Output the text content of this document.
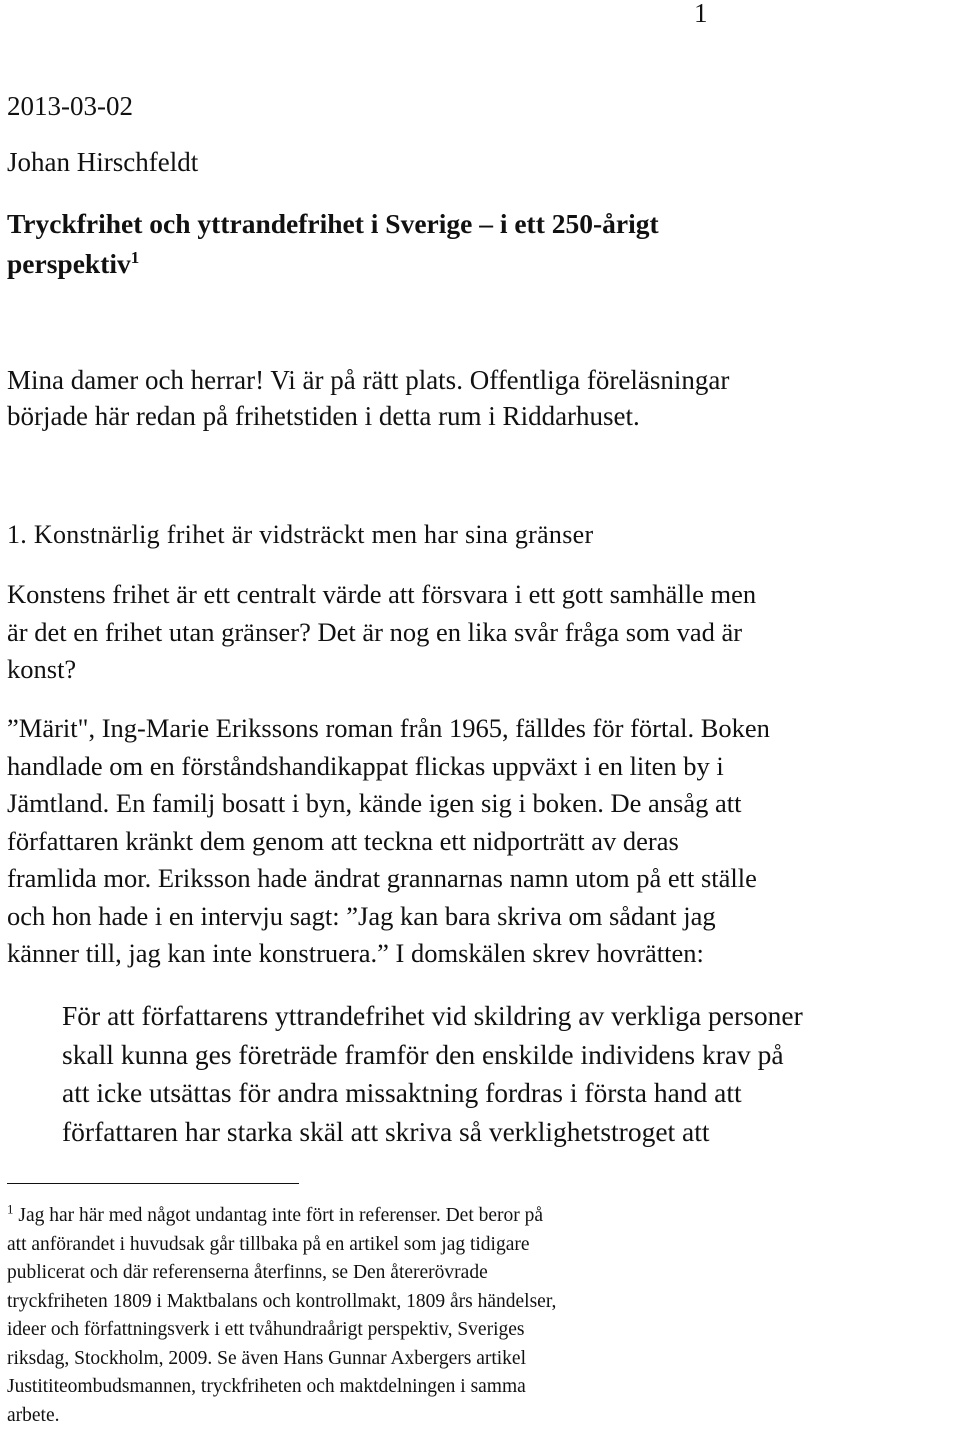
1
2013-03-02
Johan Hirschfeldt
Tryckfrihet och yttrandefrihet i Sverige – i ett 250-årigt
perspektiv$^1$
Mina damer och herrar! Vi är på rätt plats. Offentliga föreläsningar
började här redan på frihetstiden i detta rum i Riddarhuset.
1. Konstnärlig frihet är vidsträckt men har sina gränser
Konstens frihet är ett centralt värde att försvara i ett gott samhälle men
är det en frihet utan gränser? Det är nog en lika svår fråga som vad är
konst?
”Märit", Ing-Marie Erikssons roman från 1965, fälldes för förtal. Boken
handlade om en förståndshandikappat flickas uppväxt i en liten by i
Jämtland. En familj bosatt i byn, kände igen sig i boken. De ansåg att
författaren kränkt dem genom att teckna ett nidporträtt av deras
framlida mor. Eriksson hade ändrat grannarnas namn utom på ett ställe
och hon hade i en intervju sagt: ”Jag kan bara skriva om sådant jag
känner till, jag kan inte konstruera.” I domskälen skrev hovrätten:
För att författarens yttrandefrihet vid skildring av verkliga personer
skall kunna ges företräde framför den enskilde individens krav på
att icke utsättas för andra missaktning fordras i första hand att
författaren har starka skäl att skriva så verklighetstroget att
$^1$ Jag har här med något undantag inte fört in referenser. Det beror på
att anförandet i huvudsak går tillbaka på en artikel som jag tidigare
publicerat och där referenserna återfinns, se Den återerövrade
tryckfriheten 1809 i Maktbalans och kontrollmakt, 1809 års händelser,
ideer och författningsverk i ett tvåhundraårigt perspektiv, Sveriges
riksdag, Stockholm, 2009. Se även Hans Gunnar Axbergers artikel
Justititeombudsmannen, tryckfriheten och maktdelningen i samma
arbete.
